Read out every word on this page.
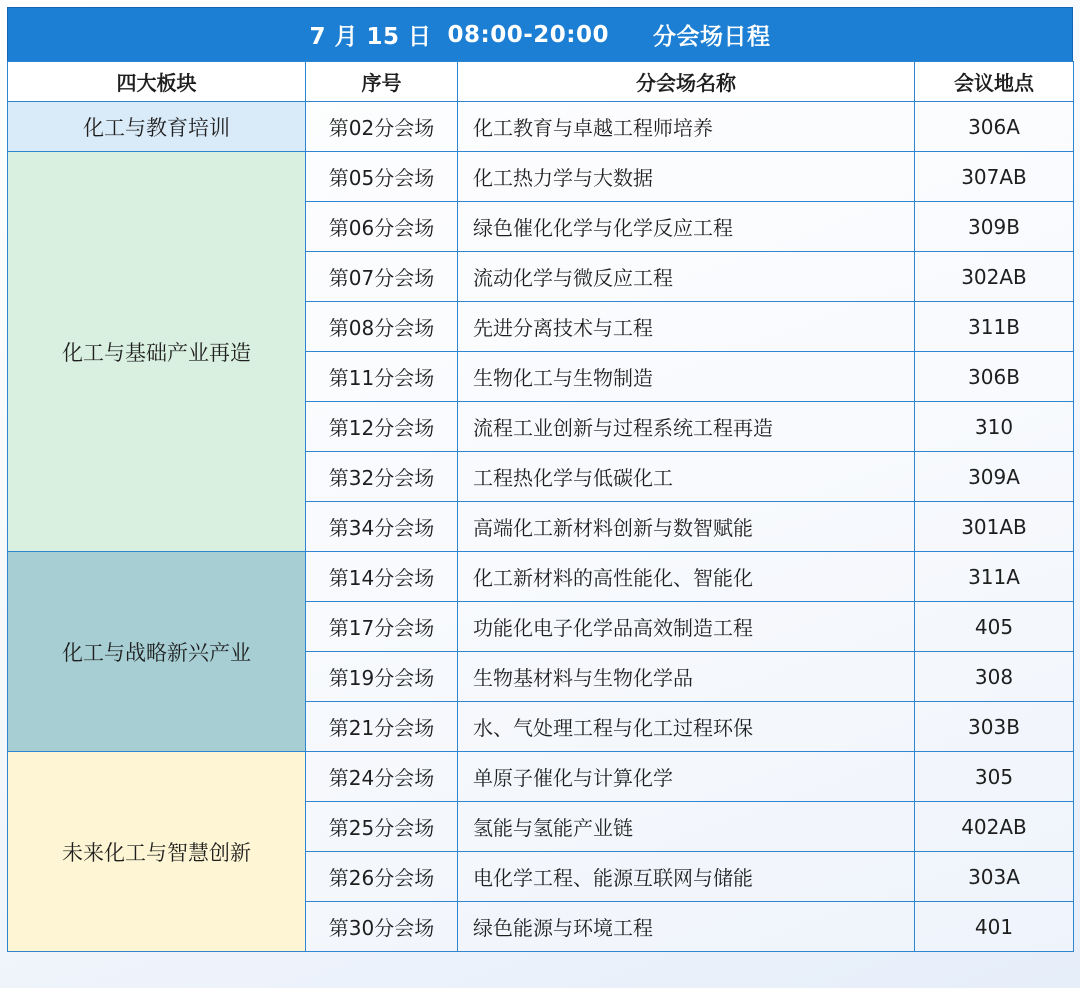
7 月 15 日 08:00-20:00 分会场日程
四大板块	序号	分会场名称	会议地点
化工与教育培训	第02分会场	化工教育与卓越工程师培养	306A
化工与基础产业再造	第05分会场	化工热力学与大数据	307AB
	第06分会场	绿色催化化学与化学反应工程	309B
	第07分会场	流动化学与微反应工程	302AB
	第08分会场	先进分离技术与工程	311B
	第11分会场	生物化工与生物制造	306B
	第12分会场	流程工业创新与过程系统工程再造	310
	第32分会场	工程热化学与低碳化工	309A
	第34分会场	高端化工新材料创新与数智赋能	301AB
化工与战略新兴产业	第14分会场	化工新材料的高性能化、智能化	311A
	第17分会场	功能化电子化学品高效制造工程	405
	第19分会场	生物基材料与生物化学品	308
	第21分会场	水、气处理工程与化工过程环保	303B
未来化工与智慧创新	第24分会场	单原子催化与计算化学	305
	第25分会场	氢能与氢能产业链	402AB
	第26分会场	电化学工程、能源互联网与储能	303A
	第30分会场	绿色能源与环境工程	401
